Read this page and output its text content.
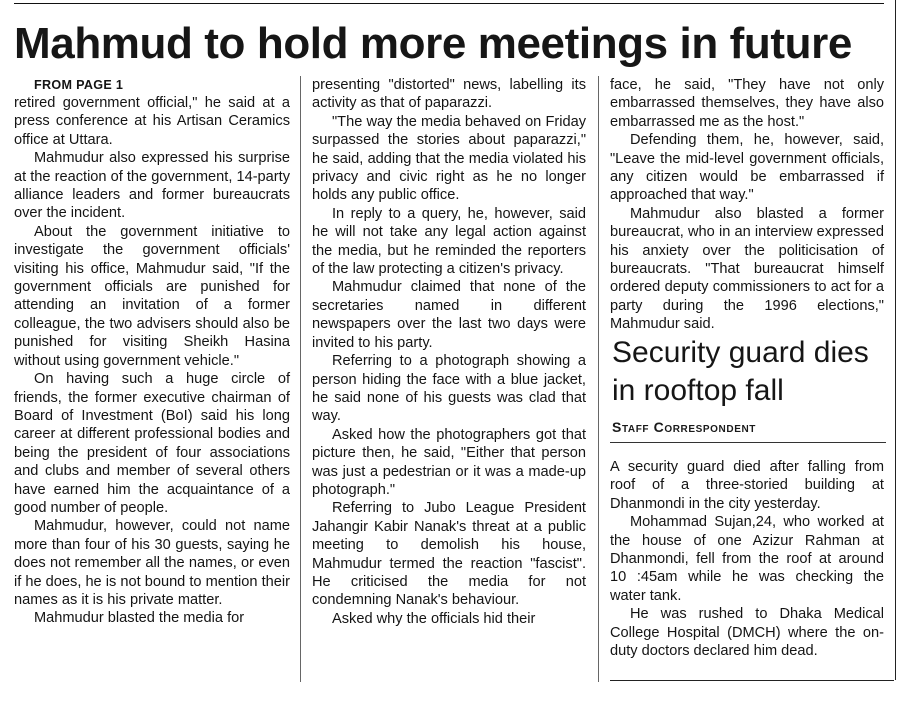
Mahmud to hold more meetings in future

FROM PAGE 1

retired government official," he said at a press conference at his Artisan Ceramics office at Uttara.

Mahmudur also expressed his surprise at the reaction of the government, 14-party alliance leaders and former bureaucrats over the incident.

About the government initiative to investigate the government officials' visiting his office, Mahmudur said, "If the government officials are punished for attending an invitation of a former colleague, the two advisers should also be punished for visiting Sheikh Hasina without using government vehicle."

On having such a huge circle of friends, the former executive chairman of Board of Investment (BoI) said his long career at different professional bodies and being the president of four associations and clubs and member of several others have earned him the acquaintance of a good number of people.

Mahmudur, however, could not name more than four of his 30 guests, saying he does not remember all the names, or even if he does, he is not bound to mention their names as it is his private matter.

Mahmudur blasted the media for

presenting "distorted" news, labelling its activity as that of paparazzi.

"The way the media behaved on Friday surpassed the stories about paparazzi," he said, adding that the media violated his privacy and civic right as he no longer holds any public office.

In reply to a query, he, however, said he will not take any legal action against the media, but he reminded the reporters of the law protecting a citizen's privacy.

Mahmudur claimed that none of the secretaries named in different newspapers over the last two days were invited to his party.

Referring to a photograph showing a person hiding the face with a blue jacket, he said none of his guests was clad that way.

Asked how the photographers got that picture then, he said, "Either that person was just a pedestrian or it was a made-up photograph."

Referring to Jubo League President Jahangir Kabir Nanak's threat at a public meeting to demolish his house, Mahmudur termed the reaction "fascist". He criticised the media for not condemning Nanak's behaviour.

Asked why the officials hid their

face, he said, "They have not only embarrassed themselves, they have also embarrassed me as the host."

Defending them, he, however, said, "Leave the mid-level government officials, any citizen would be embarrassed if approached that way."

Mahmudur also blasted a former bureaucrat, who in an interview expressed his anxiety over the politicisation of bureaucrats. "That bureaucrat himself ordered deputy commissioners to act for a party during the 1996 elections," Mahmudur said.

Security guard dies in rooftop fall

Staff Correspondent

A security guard died after falling from roof of a three-storied building at Dhanmondi in the city yesterday.

Mohammad Sujan,24, who worked at the house of one Azizur Rahman at Dhanmondi, fell from the roof at around 10 :45am while he was checking the water tank.

He was rushed to Dhaka Medical College Hospital (DMCH) where the on-duty doctors declared him dead.
